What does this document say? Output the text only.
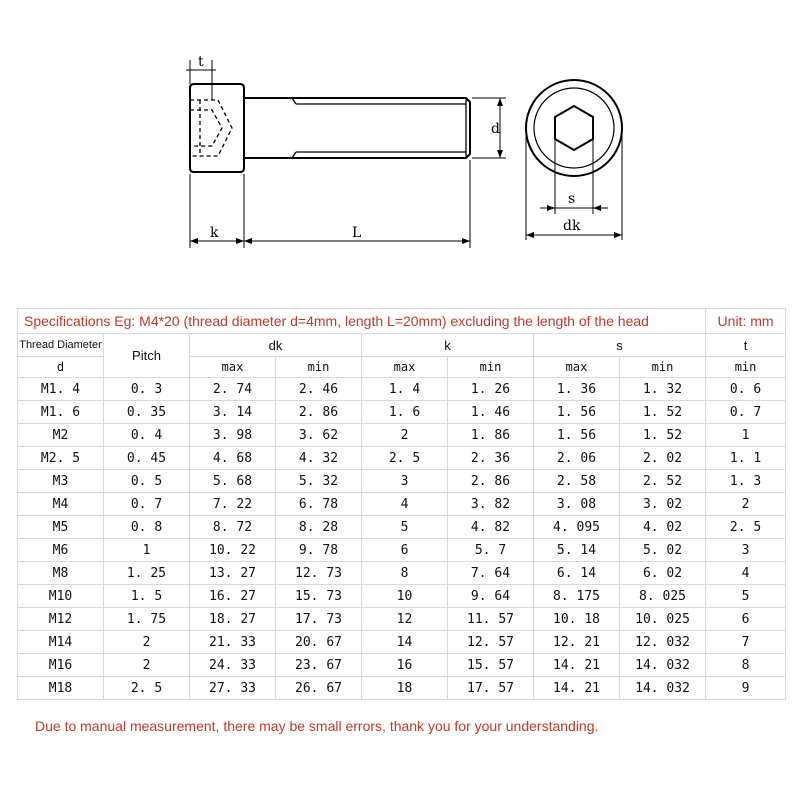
t
d
k	L
s
dk
Specifications Eg: M4*20 (thread diameter d=4mm, length L=20mm) excluding the length of the head								Unit: mm
Thread Diameter	Pitch	dk		k		s		t
d		max	min	max	min	max	min	min
M1. 4	0. 3	2. 74	2. 46	1. 4	1. 26	1. 36	1. 32	0. 6
M1. 6	0. 35	3. 14	2. 86	1. 6	1. 46	1. 56	1. 52	0. 7
M2	0. 4	3. 98	3. 62	2	1. 86	1. 56	1. 52	1
M2. 5	0. 45	4. 68	4. 32	2. 5	2. 36	2. 06	2. 02	1. 1
M3	0. 5	5. 68	5. 32	3	2. 86	2. 58	2. 52	1. 3
M4	0. 7	7. 22	6. 78	4	3. 82	3. 08	3. 02	2
M5	0. 8	8. 72	8. 28	5	4. 82	4. 095	4. 02	2. 5
M6	1	10. 22	9. 78	6	5. 7	5. 14	5. 02	3
M8	1. 25	13. 27	12. 73	8	7. 64	6. 14	6. 02	4
M10	1. 5	16. 27	15. 73	10	9. 64	8. 175	8. 025	5
M12	1. 75	18. 27	17. 73	12	11. 57	10. 18	10. 025	6
M14	2	21. 33	20. 67	14	12. 57	12. 21	12. 032	7
M16	2	24. 33	23. 67	16	15. 57	14. 21	14. 032	8
M18	2. 5	27. 33	26. 67	18	17. 57	14. 21	14. 032	9
Due to manual measurement, there may be small errors, thank you for your understanding.
